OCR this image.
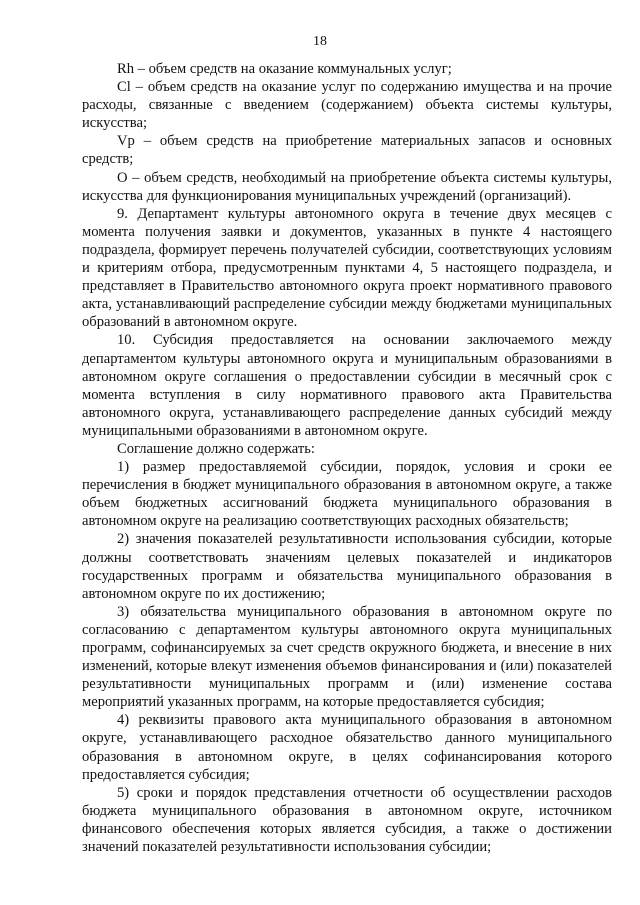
18

Rh – объем средств на оказание коммунальных услуг;

Cl – объем средств на оказание услуг по содержанию имущества и на прочие расходы, связанные с введением (содержанием) объекта системы культуры, искусства;

Vp – объем средств на приобретение материальных запасов и основных средств;

O – объем средств, необходимый на приобретение объекта системы культуры, искусства для функционирования муниципальных учреждений (организаций).

9. Департамент культуры автономного округа в течение двух месяцев с момента получения заявки и документов, указанных в пункте 4 настоящего подраздела, формирует перечень получателей субсидии, соответствующих условиям и критериям отбора, предусмотренным пунктами 4, 5 настоящего подраздела, и представляет в Правительство автономного округа проект нормативного правового акта, устанавливающий распределение субсидии между бюджетами муниципальных образований в автономном округе.

10. Субсидия предоставляется на основании заключаемого между департаментом культуры автономного округа и муниципальным образованиями в автономном округе соглашения о предоставлении субсидии в месячный срок с момента вступления в силу нормативного правового акта Правительства автономного округа, устанавливающего распределение данных субсидий между муниципальными образованиями в автономном округе.

Соглашение должно содержать:

1) размер предоставляемой субсидии, порядок, условия и сроки ее перечисления в бюджет муниципального образования в автономном округе, а также объем бюджетных ассигнований бюджета муниципального образования в автономном округе на реализацию соответствующих расходных обязательств;

2) значения показателей результативности использования субсидии, которые должны соответствовать значениям целевых показателей и индикаторов государственных программ и обязательства муниципального образования в автономном округе по их достижению;

3) обязательства муниципального образования в автономном округе по согласованию с департаментом культуры автономного округа муниципальных программ, софинансируемых за счет средств окружного бюджета, и внесение в них изменений, которые влекут изменения объемов финансирования и (или) показателей результативности муниципальных программ и (или) изменение состава мероприятий указанных программ, на которые предоставляется субсидия;

4) реквизиты правового акта муниципального образования в автономном округе, устанавливающего расходное обязательство данного муниципального образования в автономном округе, в целях софинансирования которого предоставляется субсидия;

5) сроки и порядок представления отчетности об осуществлении расходов бюджета муниципального образования в автономном округе, источником финансового обеспечения которых является субсидия, а также о достижении значений показателей результативности использования субсидии;
